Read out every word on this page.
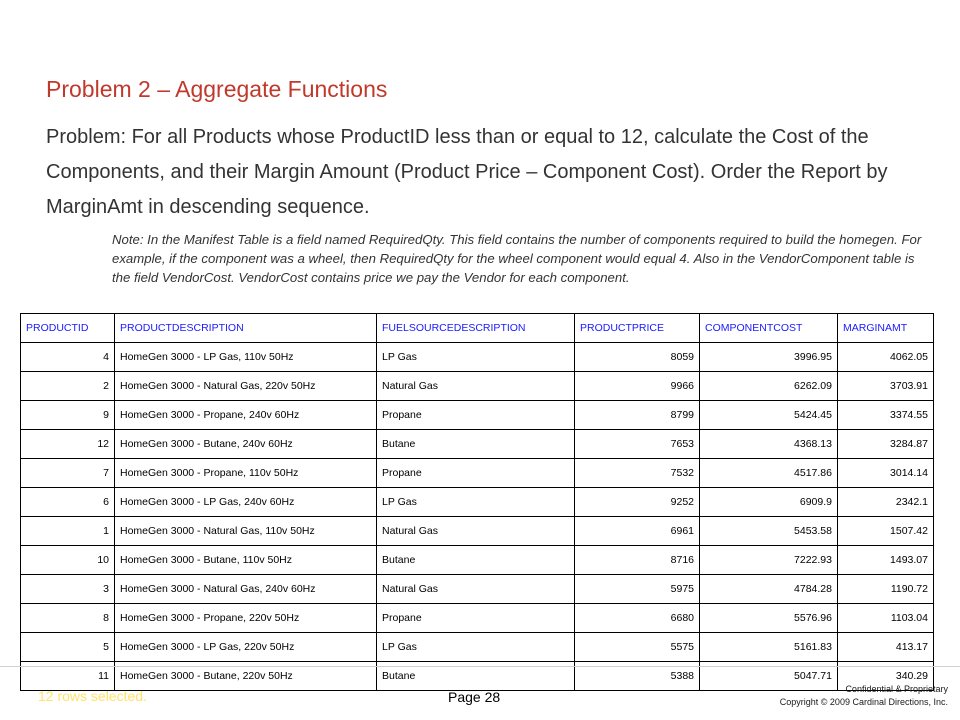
Problem 2 – Aggregate Functions

Problem: For all Products whose ProductID less than or equal to 12, calculate the Cost of the Components, and their Margin Amount (Product Price – Component Cost). Order the Report by MarginAmt in descending sequence.

Note: In the Manifest Table is a field named RequiredQty. This field contains the number of components required to build the homegen. For example, if the component was a wheel, then RequiredQty for the wheel component would equal 4. Also in the VendorComponent table is the field VendorCost. VendorCost contains price we pay the Vendor for each component.

PRODUCTID	PRODUCTDESCRIPTION	FUELSOURCEDESCRIPTION	PRODUCTPRICE	COMPONENTCOST	MARGINAMT
4	HomeGen 3000 - LP Gas, 110v 50Hz	LP Gas	8059	3996.95	4062.05
2	HomeGen 3000 - Natural Gas, 220v 50Hz	Natural Gas	9966	6262.09	3703.91
9	HomeGen 3000 - Propane, 240v 60Hz	Propane	8799	5424.45	3374.55
12	HomeGen 3000 - Butane, 240v 60Hz	Butane	7653	4368.13	3284.87
7	HomeGen 3000 - Propane, 110v 50Hz	Propane	7532	4517.86	3014.14
6	HomeGen 3000 - LP Gas, 240v 60Hz	LP Gas	9252	6909.9	2342.1
1	HomeGen 3000 - Natural Gas, 110v 50Hz	Natural Gas	6961	5453.58	1507.42
10	HomeGen 3000 - Butane, 110v 50Hz	Butane	8716	7222.93	1493.07
3	HomeGen 3000 - Natural Gas, 240v 60Hz	Natural Gas	5975	4784.28	1190.72
8	HomeGen 3000 - Propane, 220v 50Hz	Propane	6680	5576.96	1103.04
5	HomeGen 3000 - LP Gas, 220v 50Hz	LP Gas	5575	5161.83	413.17
11	HomeGen 3000 - Butane, 220v 50Hz	Butane	5388	5047.71	340.29
12 rows selected.	Page 28	Confidential & Proprietary
Copyright © 2009 Cardinal Directions, Inc.
